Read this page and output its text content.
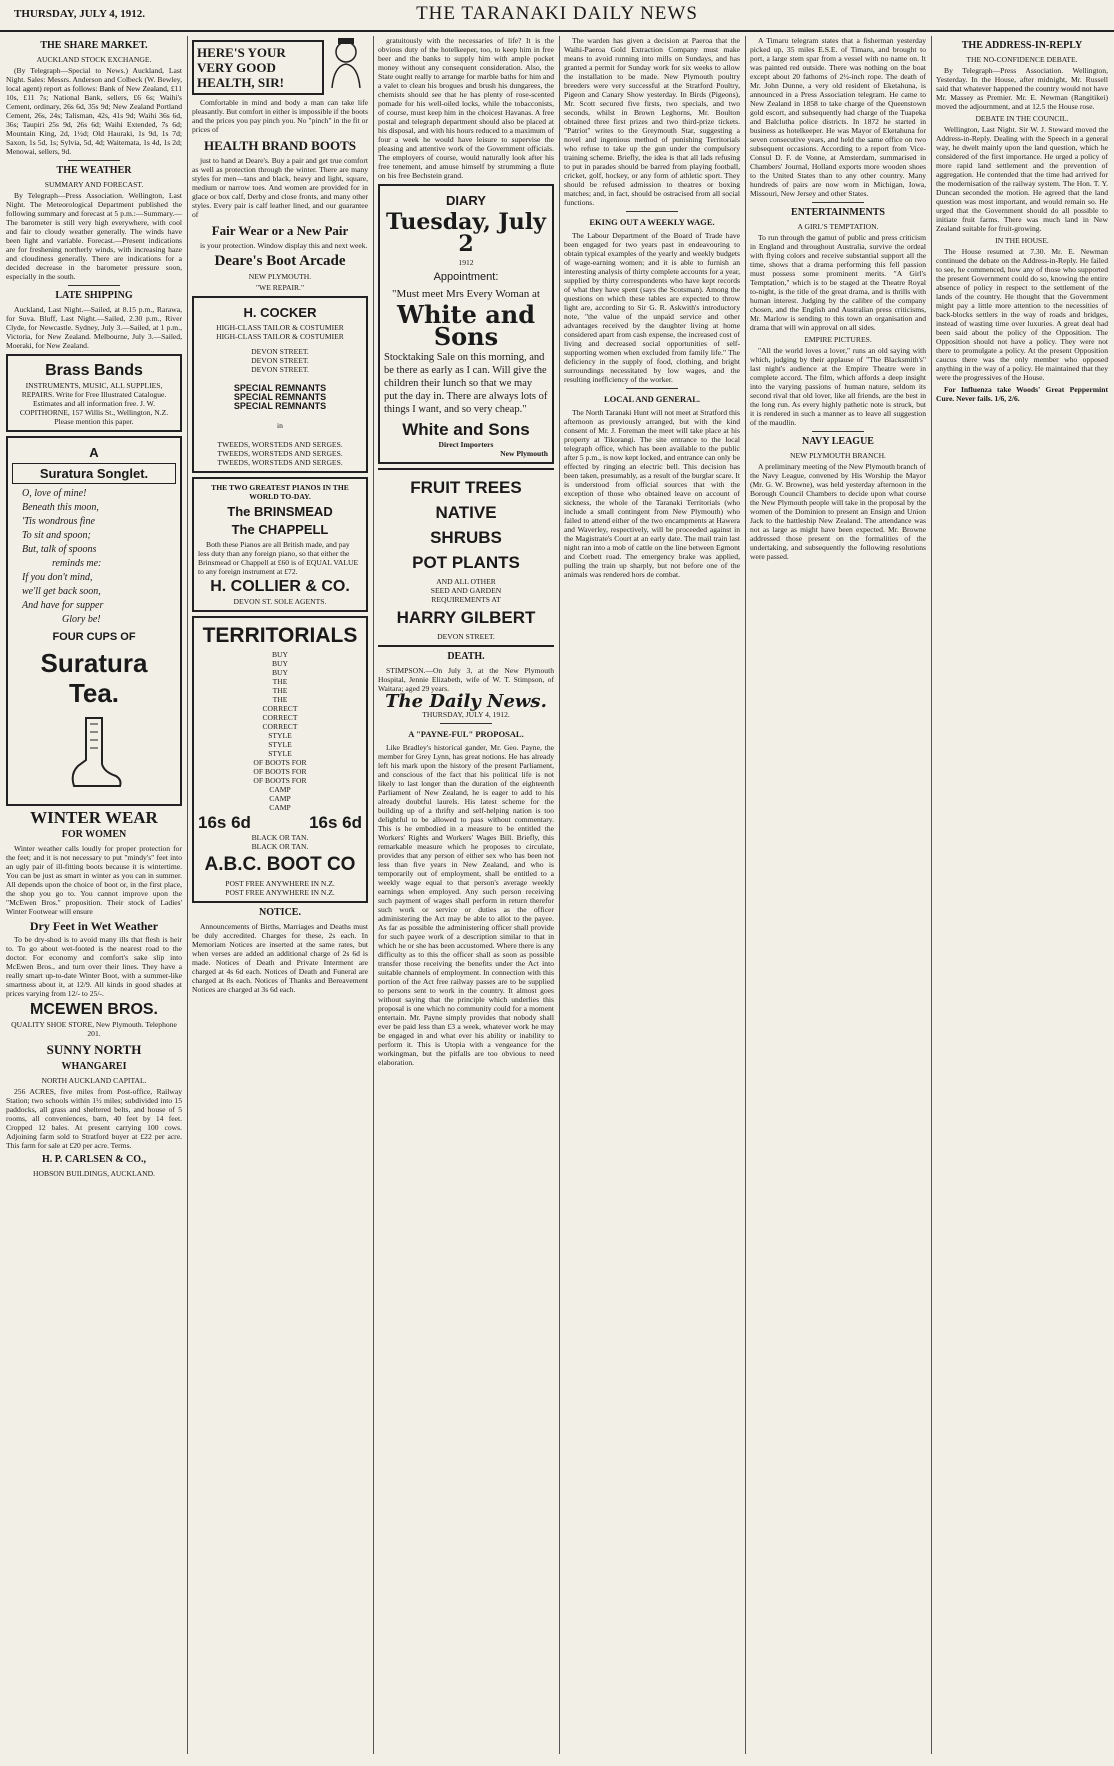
THURSDAY, JULY 4, 1912.	THE TARANAKI DAILY NEWS
THE SHARE MARKET.
AUCKLAND STOCK EXCHANGE.

(By Telegraph—Special to News.) Auckland, Last Night. Sales: Messrs. Anderson and Colbeck (W. Bewley, local agent) report as follows: Bank of New Zealand, £11 10s, £11 7s; National Bank, sellers, £6 6s; Waihi's Cement, ordinary, 26s 6d, 35s 9d; New Zealand Portland Cement, 26s, 24s; Talisman, 42s, 41s 9d; Waihi 36s 6d, 36s; Taupiri 25s 9d, 26s 6d; Waihi Extended, 7s 6d; Mountain King, 2d, 1½d; Old Hauraki, 1s 9d, 1s 7d; Saxon, 1s 5d, 1s; Sylvia, 5d, 4d; Waitemata, 1s 4d, 1s 2d; Menowai, sellers, 9d.

THE WEATHER
SUMMARY AND FORECAST.

By Telegraph—Press Association. Wellington, Last Night. The Meteorological Department published the following summary and forecast at 5 p.m.:—Summary.—The barometer is still very high everywhere, with cool and fair to cloudy weather generally. The winds have been light and variable. Forecast.—Present indications are for freshening northerly winds, with increasing haze and cloudiness generally. There are indications for a decided decrease in the barometer pressure soon, especially in the south.

LATE SHIPPING

Auckland, Last Night.—Sailed, at 8.15 p.m., Rarawa, for Suva. Bluff, Last Night.—Sailed, 2.30 p.m., River Clyde, for Newcastle. Sydney, July 3.—Sailed, at 1 p.m., Victoria, for New Zealand. Melbourne, July 3.—Sailed, Moeraki, for New Zealand.

Brass Bands
INSTRUMENTS, MUSIC, ALL SUPPLIES, REPAIRS. Write for Free Illustrated Catalogue. Estimates and all information free. J. W. COPITHORNE, 157 Willis St., Wellington, N.Z. Please mention this paper.
A
Suratura Songlet.
O, love of mine!
Beneath this moon,
'Tis wondrous fine
To sit and spoon;
But, talk of spoons
reminds me:
If you don't mind,
we'll get back soon,
And have for supper
Glory be!
FOUR CUPS OF
Suratura Tea.
WINTER WEAR
FOR WOMEN

Winter weather calls loudly for proper protection for the feet; and it is not necessary to put "mindy's" feet into an ugly pair of ill-fitting boots because it is wintertime. You can be just as smart in winter as you can in summer. All depends upon the choice of boot or, in the first place, the shop you go to. You cannot improve upon the "McEwen Bros." proposition. Their stock of Ladies' Winter Footwear will ensure

Dry Feet in Wet Weather

To be dry-shod is to avoid many ills that flesh is heir to. To go about wet-footed is the nearest road to the doctor. For economy and comfort's sake slip into McEwen Bros., and turn over their lines. They have a really smart up-to-date Winter Boot, with a summer-like smartness about it, at 12/9. All kinds in good shades at prices varying from 12/- to 25/-.

MCEWEN BROS.
QUALITY SHOE STORE, New Plymouth. Telephone 201.
SUNNY NORTH
WHANGAREI
NORTH AUCKLAND CAPITAL.

256 ACRES, five miles from Post-office, Railway Station; two schools within 1½ miles; subdivided into 15 paddocks, all grass and sheltered belts, and house of 5 rooms, all conveniences, barn, 40 feet by 14 feet. Cropped 12 bales. At present carrying 100 cows. Adjoining farm sold to Stratford buyer at £22 per acre. This farm for sale at £20 per acre. Terms.

H. P. CARLSEN & CO.,
HOBSON BUILDINGS, AUCKLAND.
HERE'S YOUR VERY GOOD HEALTH, SIR!

Comfortable in mind and body a man can take life pleasantly. But comfort in either is impossible if the boots and the prices you pay pinch you. No "pinch" in the fit or prices of

HEALTH BRAND BOOTS

just to hand at Deare's. Buy a pair and get true comfort as well as protection through the winter. There are many styles for men—tans and black, heavy and light, square, medium or narrow toes. And women are provided for in glace or box calf, Derby and close fronts, and many other styles. Every pair is calf leather lined, and our guarantee of

Fair Wear or a New Pair

is your protection. Window display this and next week.

Deare's Boot Arcade
NEW PLYMOUTH.
"WE REPAIR."
H. COCKER
HIGH-CLASS TAILOR & COSTUMIER
HIGH-CLASS TAILOR & COSTUMIER
DEVON STREET.
DEVON STREET.
DEVON STREET.
SPECIAL REMNANTS
SPECIAL REMNANTS
SPECIAL REMNANTS
in
TWEEDS, WORSTEDS AND SERGES.
TWEEDS, WORSTEDS AND SERGES.
TWEEDS, WORSTEDS AND SERGES.
THE TWO GREATEST PIANOS IN THE WORLD TO-DAY.
The BRINSMEAD
The CHAPPELL

Both these Pianos are all British made, and pay less duty than any foreign piano, so that either the Brinsmead or Chappell at £60 is of EQUAL VALUE to any foreign instrument at £72.

H. COLLIER & CO.
DEVON ST. SOLE AGENTS.
TERRITORIALS
BUY
BUY
BUY
THE
THE
THE
CORRECT
CORRECT
CORRECT
STYLE
STYLE
STYLE
OF BOOTS FOR
OF BOOTS FOR
OF BOOTS FOR
CAMP
CAMP
CAMP
16s 6d	16s 6d
BLACK OR TAN.
BLACK OR TAN.
A.B.C. BOOT CO
POST FREE ANYWHERE IN N.Z.
POST FREE ANYWHERE IN N.Z.
NOTICE.

Announcements of Births, Marriages and Deaths must be duly accredited. Charges for these, 2s each. In Memoriam Notices are inserted at the same rates, but when verses are added an additional charge of 2s 6d is made. Notices of Death and Private Interment are charged at 4s 6d each. Notices of Death and Funeral are charged at 8s each. Notices of Thanks and Bereavement Notices are charged at 3s 6d each.

gratuitously with the necessaries of life? It is the obvious duty of the hotelkeeper, too, to keep him in free beer and the banks to supply him with ample pocket money without any consequent consideration. Also, the State ought really to arrange for marble baths for him and a valet to clean his brogues and brush his dungarees, the chemists should see that he has plenty of rose-scented pomade for his well-oiled locks, while the tobacconists, of course, must keep him in the choicest Havanas. A free postal and telegraph department should also be placed at his disposal, and with his hours reduced to a maximum of four a week he would have leisure to supervise the pleasing and attentive work of the Government officials. The employers of course, would naturally look after his free tenement, and amuse himself by strumming a flute on his free Bechstein grand.

DIARY
Tuesday, July 2
1912
Appointment:
"Must meet Mrs Every Woman at
White and Sons
Stocktaking Sale on this morning, and be there as early as I can. Will give the children their lunch so that we may put the day in. There are always lots of things I want, and so very cheap."
White and Sons
Direct Importers
New Plymouth
FRUIT TREES
NATIVE
SHRUBS
POT PLANTS
AND ALL OTHER
SEED AND GARDEN
REQUIREMENTS AT
HARRY GILBERT
DEVON STREET.
DEATH.

STIMPSON.—On July 3, at the New Plymouth Hospital, Jennie Elizabeth, wife of W. T. Stimpson, of Waitara; aged 29 years.

The Daily News.
THURSDAY, JULY 4, 1912.
A "PAYNE-FUL" PROPOSAL.

Like Bradley's historical gander, Mr. Geo. Payne, the member for Grey Lynn, has great notions. He has already left his mark upon the history of the present Parliament, and conscious of the fact that his political life is not likely to last longer than the duration of the eighteenth Parliament of New Zealand, he is eager to add to his already doubtful laurels. His latest scheme for the building up of a thrifty and self-helping nation is too delightful to be allowed to pass without commentary. This is he embodied in a measure to be entitled the Workers' Rights and Workers' Wages Bill. Briefly, this remarkable measure which he proposes to circulate, provides that any person of either sex who has been not less than five years in New Zealand, and who is temporarily out of employment, shall be entitled to a weekly wage equal to that person's average weekly earnings when employed. Any such person receiving such payment of wages shall perform in return therefor such work or service or duties as the officer administering the Act may be able to allot to the payee. As far as possible the administering officer shall provide for such payee work of a description similar to that in which he or she has been accustomed. Where there is any difficulty as to this the officer shall as soon as possible transfer those receiving the benefits under the Act into suitable channels of employment. In connection with this portion of the Act free railway passes are to be supplied to persons sent to work in the country. It almost goes without saying that the principle which underlies this proposal is one which no community could for a moment entertain. Mr. Payne simply provides that nobody shall ever be paid less than £3 a week, whatever work he may be engaged in and what ever his ability or inability to perform it. This is Utopia with a vengeance for the workingman, but the pitfalls are too obvious to need elaboration.

The warden has given a decision at Paeroa that the Waihi-Paeroa Gold Extraction Company must make means to avoid running into mills on Sundays, and has granted a permit for Sunday work for six weeks to allow the installation to be made. New Plymouth poultry breeders were very successful at the Stratford Poultry, Pigeon and Canary Show yesterday. In Birds (Pigeons), Mr. Scott secured five firsts, two specials, and two seconds, whilst in Brown Leghorns, Mr. Boulton obtained three first prizes and two third-prize tickets. "Patriot" writes to the Greymouth Star, suggesting a novel and ingenious method of punishing Territorials who refuse to take up the gun under the compulsory training scheme. Briefly, the idea is that all lads refusing to put in parades should be barred from playing football, cricket, golf, hockey, or any form of athletic sport. They should be refused admission to theatres or boxing matches; and, in fact, should be ostracised from all social functions.

EKING OUT A WEEKLY WAGE.

The Labour Department of the Board of Trade have been engaged for two years past in endeavouring to obtain typical examples of the yearly and weekly budgets of wage-earning women; and it is able to furnish an interesting analysis of thirty complete accounts for a year, supplied by thirty correspondents who have kept records of what they have spent (says the Scotsman). Among the questions on which these tables are expected to throw light are, according to Sir G. R. Askwith's introductory note, "the value of the unpaid service and other advantages received by the daughter living at home considered apart from cash expense, the increased cost of living and decreased social opportunities of self-supporting women when excluded from family life." The deficiency in the supply of food, clothing, and bright surroundings necessitated by low wages, and the resulting inefficiency of the worker.

LOCAL AND GENERAL.

The North Taranaki Hunt will not meet at Stratford this afternoon as previously arranged, but with the kind consent of Mr. J. Foreman the meet will take place at his property at Tikorangi. The site entrance to the local telegraph office, which has been available to the public after 5 p.m., is now kept locked, and entrance can only be effected by ringing an electric bell. This decision has been taken, presumably, as a result of the burglar scare. It is understood from official sources that with the exception of those who obtained leave on account of sickness, the whole of the Taranaki Territorials (who include a small contingent from New Plymouth) who failed to attend either of the two encampments at Hawera and Waverley, respectively, will be proceeded against in the Magistrate's Court at an early date. The mail train last night ran into a mob of cattle on the line between Egmont and Corbett road. The emergency brake was applied, pulling the train up sharply, but not before one of the animals was rendered hors de combat.

A Timaru telegram states that a fisherman yesterday picked up, 35 miles E.S.E. of Timaru, and brought to port, a large stem spar from a vessel with no name on. It was painted red outside. There was nothing on the boat except about 20 fathoms of 2½-inch rope. The death of Mr. John Dunne, a very old resident of Eketahuna, is announced in a Press Association telegram. He came to New Zealand in 1858 to take charge of the Queenstown gold escort, and subsequently had charge of the Tuapeka and Balclutha police districts. In 1872 he started in business as hotelkeeper. He was Mayor of Eketahuna for seven consecutive years, and held the same office on two subsequent occasions. According to a report from Vice-Consul D. F. de Vonne, at Amsterdam, summarised in Chambers' Journal, Holland exports more wooden shoes to the United States than to any other country. Many hundreds of pairs are now worn in Michigan, Iowa, Missouri, New Jersey and other States.

ENTERTAINMENTS
A GIRL'S TEMPTATION.

To run through the gamut of public and press criticism in England and throughout Australia, survive the ordeal with flying colors and receive substantial support all the time, shows that a drama performing this fell passion must possess some prominent merits. "A Girl's Temptation," which is to be staged at the Theatre Royal to-night, is the title of the great drama, and is thrills with human interest. Judging by the calibre of the company chosen, and the English and Australian press criticisms, Mr. Marlow is sending to this town an organisation and drama that will win approval on all sides.

EMPIRE PICTURES.

"All the world loves a lover," runs an old saying with which, judging by their applause of "The Blacksmith's" last night's audience at the Empire Theatre were in complete accord. The film, which affords a deep insight into the varying passions of human nature, seldom its second rival that old lover, like all friends, are the best in the long run. As every highly pathetic note is struck, but it is rendered in such a manner as to leave all suggestion of the maudlin.

NAVY LEAGUE
NEW PLYMOUTH BRANCH.

A preliminary meeting of the New Plymouth branch of the Navy League, convened by His Worship the Mayor (Mr. G. W. Browne), was held yesterday afternoon in the Borough Council Chambers to decide upon what course the New Plymouth people will take in the proposal by the women of the Dominion to present an Ensign and Union Jack to the battleship New Zealand. The attendance was not as large as might have been expected. Mr. Browne addressed those present on the formalities of the undertaking, and subsequently the following resolutions were passed.

THE ADDRESS-IN-REPLY
THE NO-CONFIDENCE DEBATE.

By Telegraph—Press Association. Wellington, Yesterday. In the House, after midnight, Mr. Russell said that whatever happened the country would not have Mr. Massey as Premier. Mr. E. Newman (Rangitikei) moved the adjournment, and at 12.5 the House rose.

DEBATE IN THE COUNCIL.

Wellington, Last Night. Sir W. J. Steward moved the Address-in-Reply. Dealing with the Speech in a general way, he dwelt mainly upon the land question, which he considered of the first importance. He urged a policy of more rapid land settlement and the prevention of aggregation. He contended that the time had arrived for the modernisation of the railway system. The Hon. T. Y. Duncan seconded the motion. He agreed that the land question was most important, and would remain so. He urged that the Government should do all possible to initiate fruit farms. There was much land in New Zealand suitable for fruit-growing.

IN THE HOUSE.

The House resumed at 7.30. Mr. E. Newman continued the debate on the Address-in-Reply. He failed to see, he commenced, how any of those who supported the present Government could do so, knowing the entire absence of policy in respect to the settlement of the lands of the country. He thought that the Government might pay a little more attention to the necessities of back-blocks settlers in the way of roads and bridges, instead of wasting time over luxuries. A great deal had been said about the policy of the Opposition. The Opposition should not have a policy. They were not there to promulgate a policy. At the present Opposition caucus there was the only member who opposed anything in the way of a policy. He maintained that they were the progressives of the House.

For Influenza take Woods' Great Peppermint Cure. Never fails. 1/6, 2/6.
